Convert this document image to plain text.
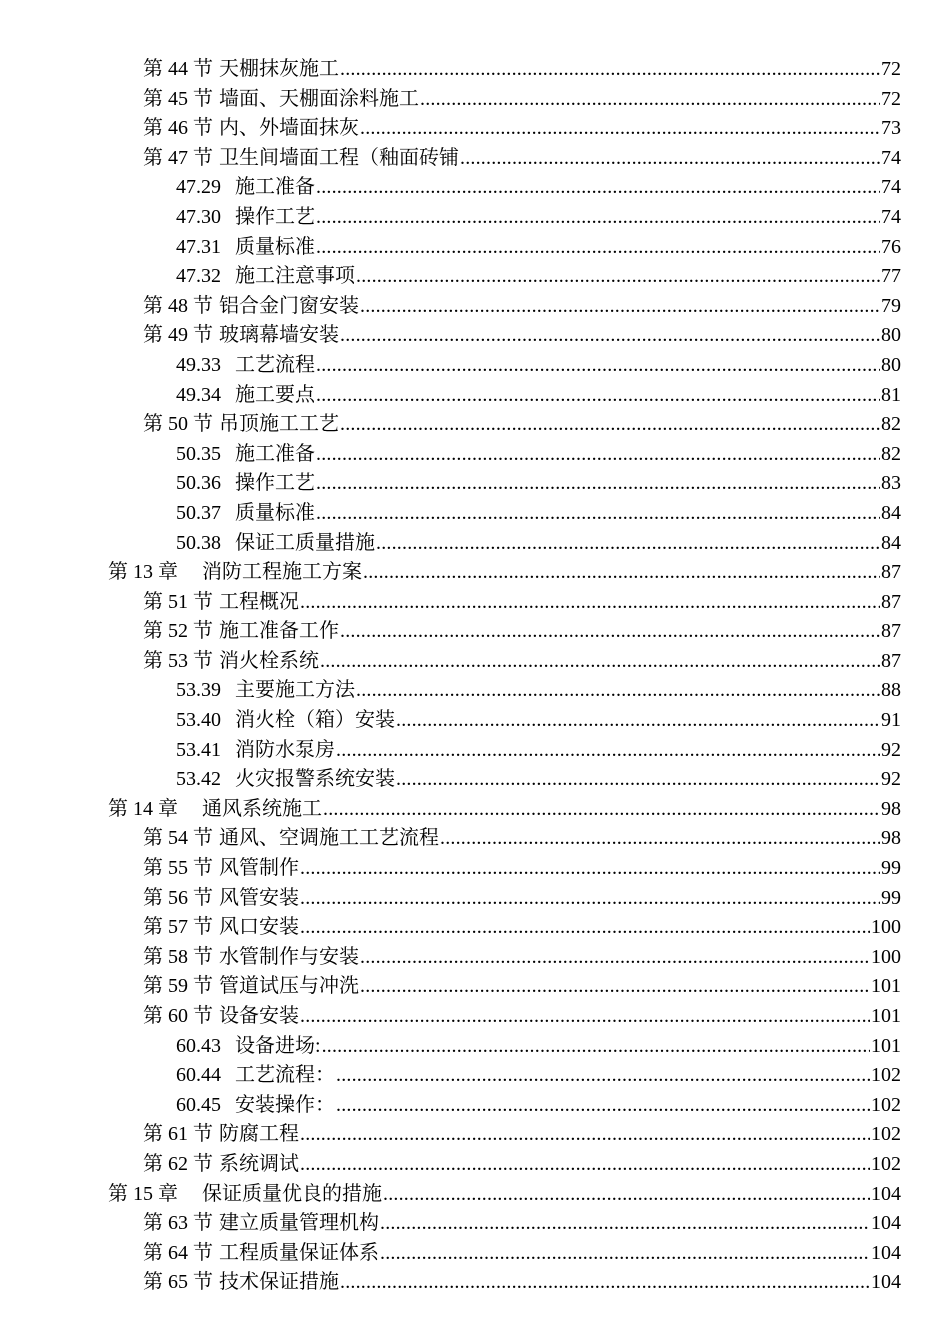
第 44 节 天棚抹灰施工 .....	72
第 45 节 墙面、天棚面涂料施工 .....	72
第 46 节 内、外墙面抹灰 .....	73
第 47 节 卫生间墙面工程（釉面砖铺 .....	74
47.29 施工准备 .....	74
47.30 操作工艺 .....	74
47.31 质量标准 .....	76
47.32 施工注意事项 .....	77
第 48 节 铝合金门窗安装 .....	79
第 49 节 玻璃幕墙安装 .....	80
49.33 工艺流程 .....	80
49.34 施工要点 .....	81
第 50 节 吊顶施工工艺 .....	82
50.35 施工准备 .....	82
50.36 操作工艺 .....	83
50.37 质量标准 .....	84
50.38 保证工质量措施 .....	84
第 13 章 消防工程施工方案 .....	87
第 51 节 工程概况 .....	87
第 52 节 施工准备工作 .....	87
第 53 节 消火栓系统 .....	87
53.39 主要施工方法 .....	88
53.40 消火栓（箱）安装 .....	91
53.41 消防水泵房 .....	92
53.42 火灾报警系统安装 .....	92
第 14 章 通风系统施工 .....	98
第 54 节 通风、空调施工工艺流程 .....	98
第 55 节 风管制作 .....	99
第 56 节 风管安装 .....	99
第 57 节 风口安装 .....	100
第 58 节 水管制作与安装 .....	100
第 59 节 管道试压与冲洗 .....	101
第 60 节 设备安装 .....	101
60.43 设备进场: .....	101
60.44 工艺流程： .....	102
60.45 安装操作： .....	102
第 61 节 防腐工程 .....	102
第 62 节 系统调试 .....	102
第 15 章 保证质量优良的措施 .....	104
第 63 节 建立质量管理机构 .....	104
第 64 节 工程质量保证体系 .....	104
第 65 节 技术保证措施 .....	104
